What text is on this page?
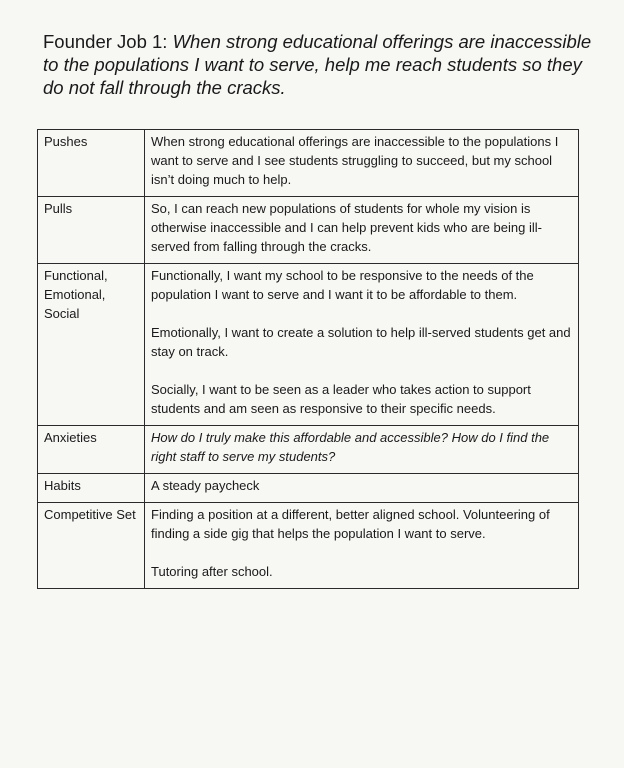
Founder Job 1: When strong educational offerings are inaccessible to the populations I want to serve, help me reach students so they do not fall through the cracks.
Pushes	When strong educational offerings are inaccessible to the populations I want to serve and I see students struggling to succeed, but my school isn’t doing much to help.

Pulls	So, I can reach new populations of students for whole my vision is otherwise inaccessible and I can help prevent kids who are being ill-served from falling through the cracks.

Functional, Emotional, Social	Functionally, I want my school to be responsive to the needs of the population I want to serve and I want it to be affordable to them.
Emotionally, I want to create a solution to help ill-served students get and stay on track.
Socially, I want to be seen as a leader who takes action to support students and am seen as responsive to their specific needs.

Anxieties	How do I truly make this affordable and accessible? How do I find the right staff to serve my students?

Habits	A steady paycheck

Competitive Set	Finding a position at a different, better aligned school. Volunteering of finding a side gig that helps the population I want to serve.
Tutoring after school.
